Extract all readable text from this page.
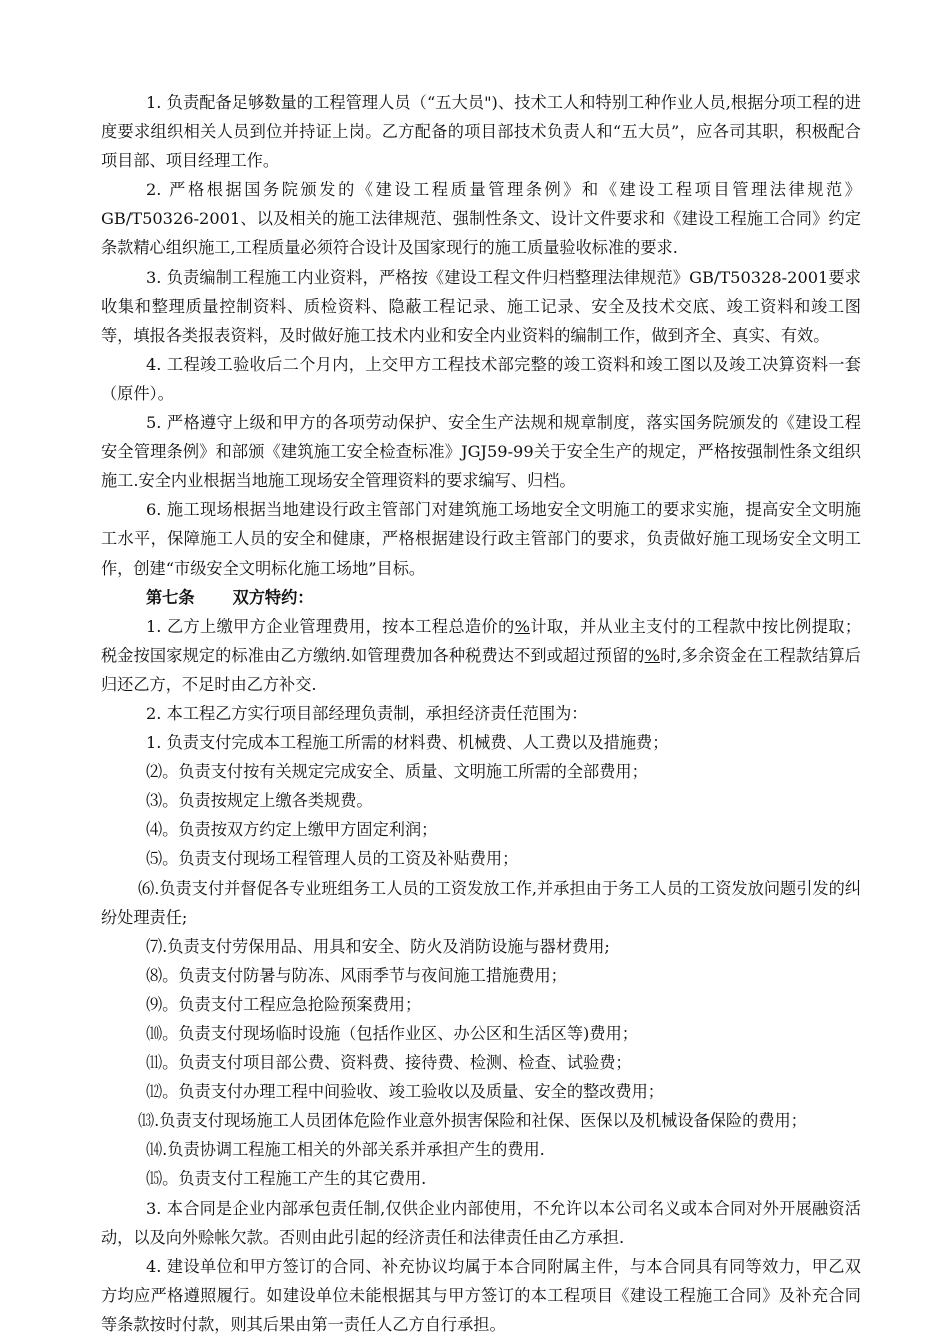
1. 负责配备足够数量的工程管理人员（“五大员")、技术工人和特别工种作业人员,根据分项工程的进度要求组织相关人员到位并持证上岗。乙方配备的项目部技术负责人和“五大员”，应各司其职，积极配合项目部、项目经理工作。

2. 严格根据国务院颁发的《建设工程质量管理条例》和《建设工程项目管理法律规范》GB/T50326-2001、以及相关的施工法律规范、强制性条文、设计文件要求和《建设工程施工合同》约定条款精心组织施工,工程质量必须符合设计及国家现行的施工质量验收标准的要求.

3. 负责编制工程施工内业资料，严格按《建设工程文件归档整理法律规范》GB/T50328-2001要求收集和整理质量控制资料、质检资料、隐蔽工程记录、施工记录、安全及技术交底、竣工资料和竣工图等，填报各类报表资料，及时做好施工技术内业和安全内业资料的编制工作，做到齐全、真实、有效。

4. 工程竣工验收后二个月内，上交甲方工程技术部完整的竣工资料和竣工图以及竣工决算资料一套（原件）。

5. 严格遵守上级和甲方的各项劳动保护、安全生产法规和规章制度，落实国务院颁发的《建设工程安全管理条例》和部颁《建筑施工安全检查标准》JGJ59-99关于安全生产的规定，严格按强制性条文组织施工.安全内业根据当地施工现场安全管理资料的要求编写、归档。

6. 施工现场根据当地建设行政主管部门对建筑施工场地安全文明施工的要求实施，提高安全文明施工水平，保障施工人员的安全和健康，严格根据建设行政主管部门的要求，负责做好施工现场安全文明工作，创建“市级安全文明标化施工场地”目标。

第七条 双方特约：

1. 乙方上缴甲方企业管理费用，按本工程总造价的%计取，并从业主支付的工程款中按比例提取；税金按国家规定的标准由乙方缴纳.如管理费加各种税费达不到或超过预留的%时,多余资金在工程款结算后归还乙方，不足时由乙方补交.

2. 本工程乙方实行项目部经理负责制，承担经济责任范围为：

1. 负责支付完成本工程施工所需的材料费、机械费、人工费以及措施费；

⑵。负责支付按有关规定完成安全、质量、文明施工所需的全部费用；

⑶。负责按规定上缴各类规费。

⑷。负责按双方约定上缴甲方固定利润；

⑸。负责支付现场工程管理人员的工资及补贴费用；

⑹.负责支付并督促各专业班组务工人员的工资发放工作,并承担由于务工人员的工资发放问题引发的纠纷处理责任;

⑺.负责支付劳保用品、用具和安全、防火及消防设施与器材费用;

⑻。负责支付防暑与防冻、风雨季节与夜间施工措施费用；

⑼。负责支付工程应急抢险预案费用；

⑽。负责支付现场临时设施（包括作业区、办公区和生活区等)费用；

⑾。负责支付项目部公费、资料费、接待费、检测、检查、试验费；

⑿。负责支付办理工程中间验收、竣工验收以及质量、安全的整改费用；

⒀.负责支付现场施工人员团体危险作业意外损害保险和社保、医保以及机械设备保险的费用；

⒁.负责协调工程施工相关的外部关系并承担产生的费用.

⒂。负责支付工程施工产生的其它费用.

3. 本合同是企业内部承包责任制,仅供企业内部使用，不允许以本公司名义或本合同对外开展融资活动，以及向外赊帐欠款。否则由此引起的经济责任和法律责任由乙方承担.

4. 建设单位和甲方签订的合同、补充协议均属于本合同附属主件，与本合同具有同等效力，甲乙双方均应严格遵照履行。如建设单位未能根据其与甲方签订的本工程项目《建设工程施工合同》及补充合同等条款按时付款，则其后果由第一责任人乙方自行承担。
